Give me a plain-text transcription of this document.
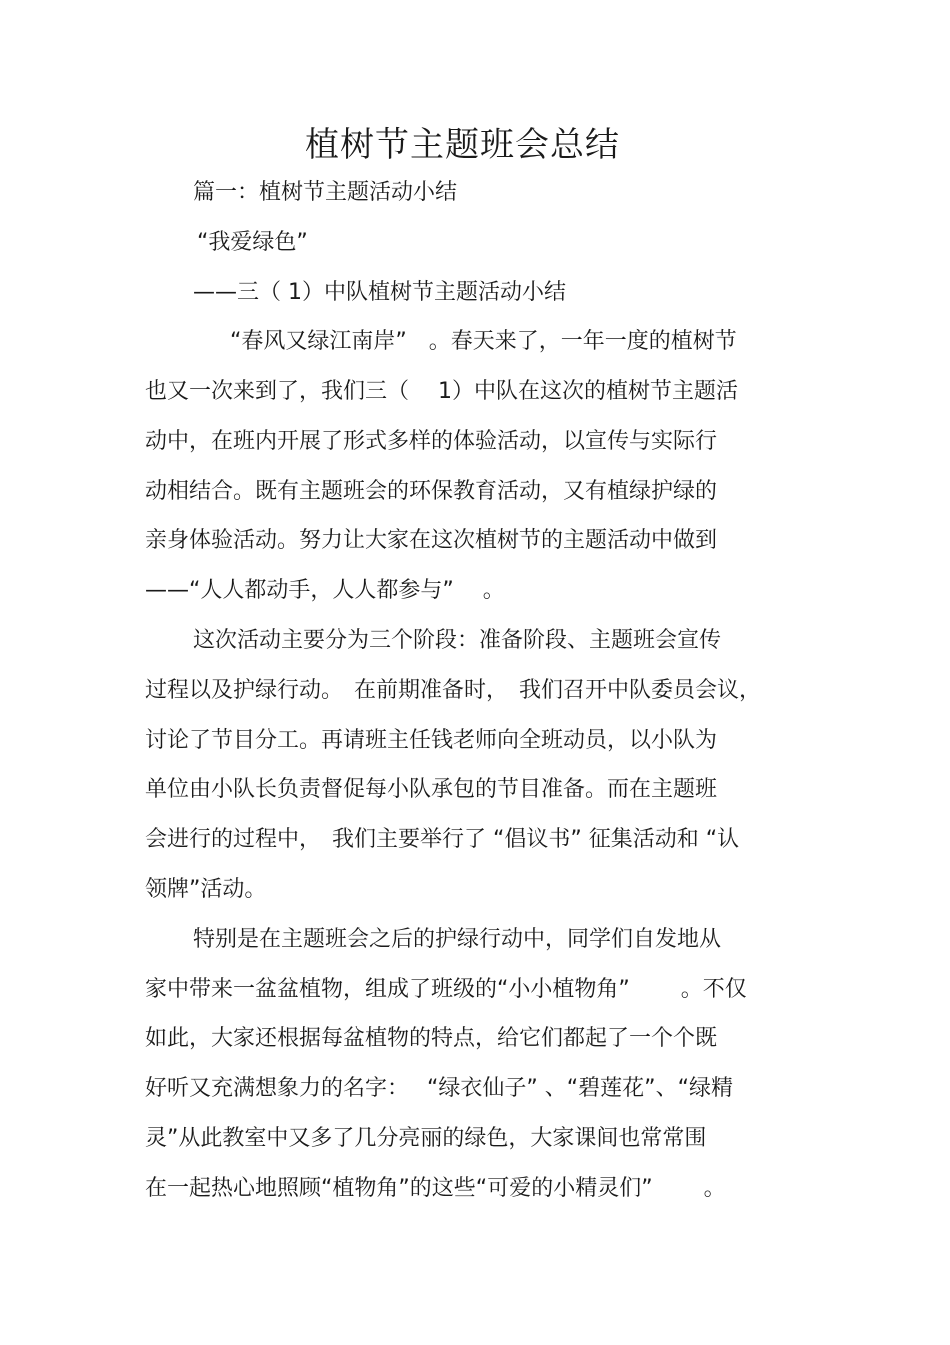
植树节主题班会总结
篇一：植树节主题活动小结
“我爱绿色”
——三（ 1）中队植树节主题活动小结
“春风又绿江南岸”　。春天来了，一年一度的植树节
也又一次来到了，我们三（　 1）中队在这次的植树节主题活
动中，在班内开展了形式多样的体验活动，以宣传与实际行
动相结合。既有主题班会的环保教育活动，又有植绿护绿的
亲身体验活动。努力让大家在这次植树节的主题活动中做到
——“人人都动手，人人都参与”　 。
这次活动主要分为三个阶段：准备阶段、主题班会宣传
过程以及护绿行动。　在前期准备时，　我们召开中队委员会议，
讨论了节目分工。再请班主任钱老师向全班动员，以小队为
单位由小队长负责督促每小队承包的节目准备。而在主题班
会进行的过程中，　我们主要举行了 “倡议书” 征集活动和 “认
领牌”活动。
特别是在主题班会之后的护绿行动中，同学们自发地从
家中带来一盆盆植物，组成了班级的“小小植物角”　　 。不仅
如此，大家还根据每盆植物的特点，给它们都起了一个个既
好听又充满想象力的名字：　 “绿衣仙子” 、“碧莲花”、“绿精
灵”从此教室中又多了几分亮丽的绿色，大家课间也常常围
在一起热心地照顾“植物角”的这些“可爱的小精灵们”　　 。
